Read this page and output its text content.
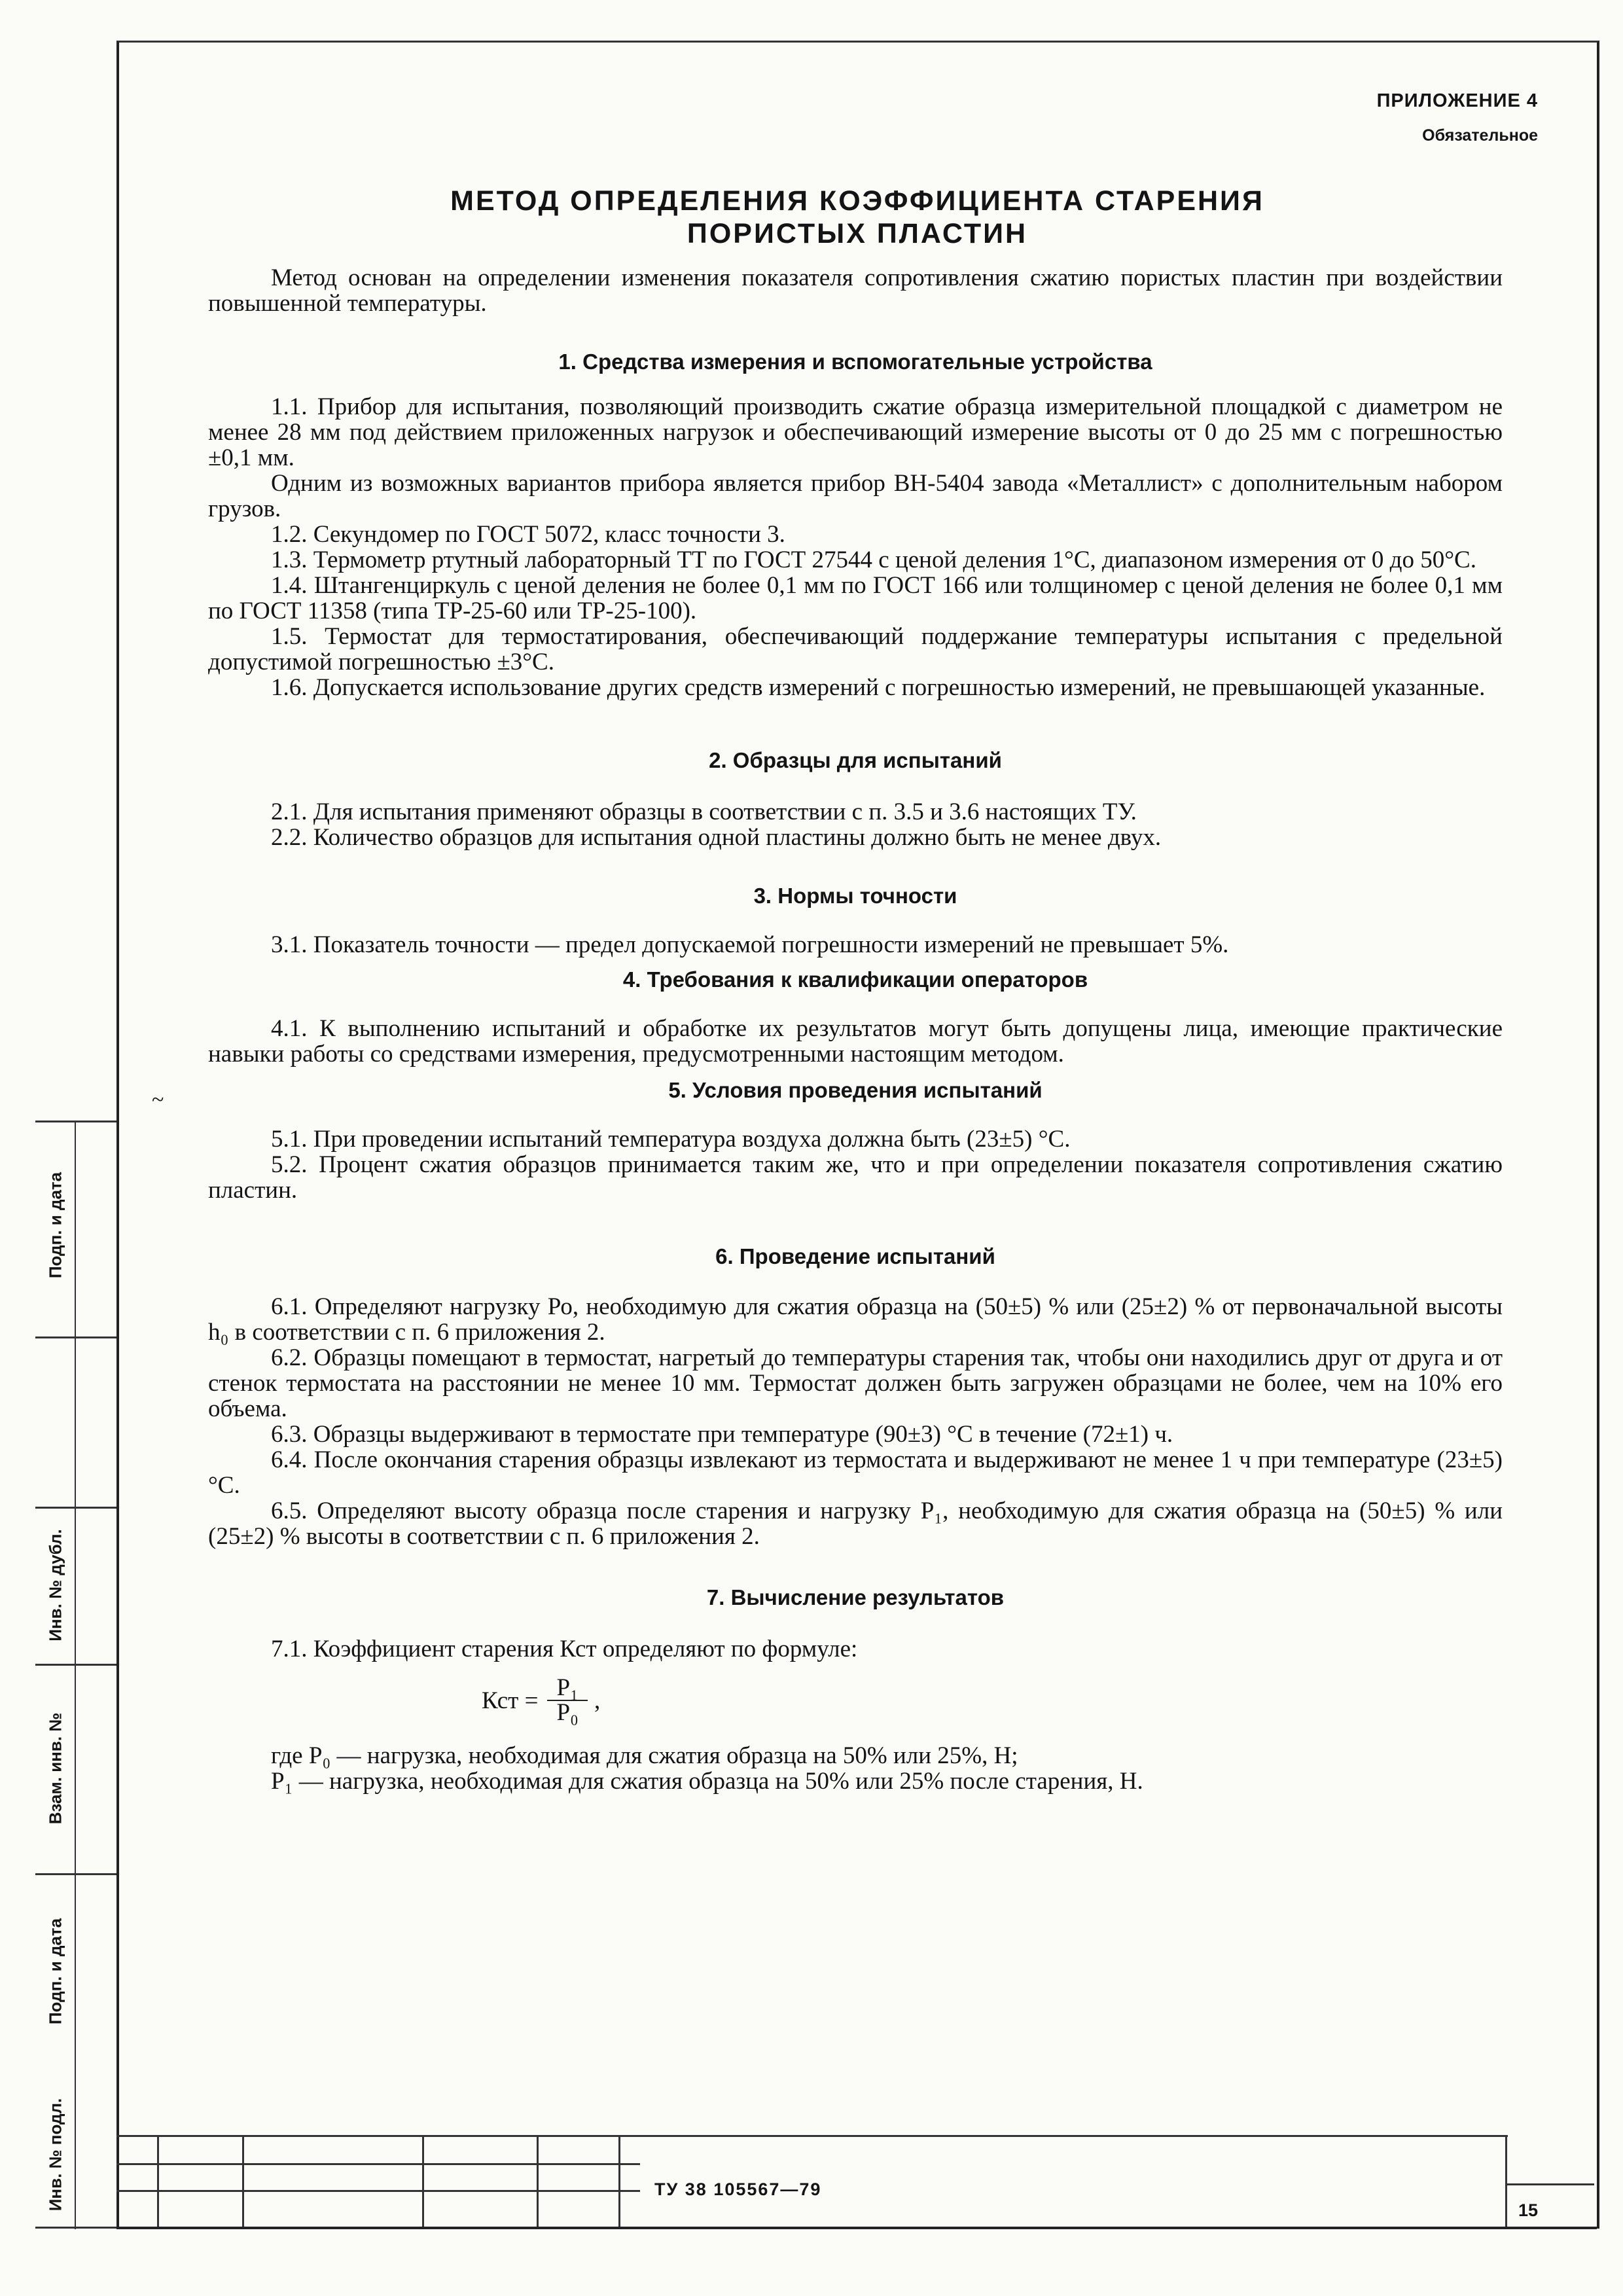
ПРИЛОЖЕНИЕ 4
Обязательное
МЕТОД ОПРЕДЕЛЕНИЯ КОЭФФИЦИЕНТА СТАРЕНИЯ
ПОРИСТЫХ ПЛАСТИН

Метод основан на определении изменения показателя сопротивления сжатию пористых пластин при воздействии повышенной температуры.

1. Средства измерения и вспомогательные устройства

1.1. Прибор для испытания, позволяющий производить сжатие образца измерительной площадкой с диаметром не менее 28 мм под действием приложенных нагрузок и обеспечивающий измерение высоты от 0 до 25 мм с погрешностью ±0,1 мм.

Одним из возможных вариантов прибора является прибор ВН-5404 завода «Металлист» с дополнительным набором грузов.

1.2. Секундомер по ГОСТ 5072, класс точности 3.

1.3. Термометр ртутный лабораторный ТТ по ГОСТ 27544 с ценой деления 1°С, диапазоном измерения от 0 до 50°С.

1.4. Штангенциркуль с ценой деления не более 0,1 мм по ГОСТ 166 или толщиномер с ценой деления не более 0,1 мм по ГОСТ 11358 (типа ТР-25-60 или ТР-25-100).

1.5. Термостат для термостатирования, обеспечивающий поддержание температуры испытания с предельной допустимой погрешностью ±3°С.

1.6. Допускается использование других средств измерений с погрешностью измерений, не превышающей указанные.

2. Образцы для испытаний

2.1. Для испытания применяют образцы в соответствии с п. 3.5 и 3.6 настоящих ТУ.

2.2. Количество образцов для испытания одной пластины должно быть не менее двух.

3. Нормы точности

3.1. Показатель точности — предел допускаемой погрешности измерений не превышает 5%.

4. Требования к квалификации операторов

4.1. К выполнению испытаний и обработке их результатов могут быть допущены лица, имеющие практические навыки работы со средствами измерения, предусмотренными настоящим методом.

5. Условия проведения испытаний

5.1. При проведении испытаний температура воздуха должна быть (23±5) °С.

5.2. Процент сжатия образцов принимается таким же, что и при определении показателя сопротивления сжатию пластин.

6. Проведение испытаний

6.1. Определяют нагрузку Ро, необходимую для сжатия образца на (50±5) % или (25±2) % от первоначальной высоты h₀ в соответствии с п. 6 приложения 2.

6.2. Образцы помещают в термостат, нагретый до температуры старения так, чтобы они находились друг от друга и от стенок термостата на расстоянии не менее 10 мм. Термостат должен быть загружен образцами не более, чем на 10% его объема.

6.3. Образцы выдерживают в термостате при температуре (90±3) °С в течение (72±1) ч.

6.4. После окончания старения образцы извлекают из термостата и выдерживают не менее 1 ч при температуре (23±5) °С.

6.5. Определяют высоту образца после старения и нагрузку Р₁, необходимую для сжатия образца на (50±5) % или (25±2) % высоты в соответствии с п. 6 приложения 2.

7. Вычисление результатов

7.1. Коэффициент старения Кст определяют по формуле:

Кст = $\frac{\text{P₁}}{\text{P₀}}$ ,

где Р₀ — нагрузка, необходимая для сжатия образца на 50% или 25%, Н;

Р₁ — нагрузка, необходимая для сжатия образца на 50% или 25% после старения, Н.

~
Инв. № подл.
Подп. и дата
Взам. инв. №
Инв. № дубл.
Подп. и дата
ТУ 38 105567—79
15
